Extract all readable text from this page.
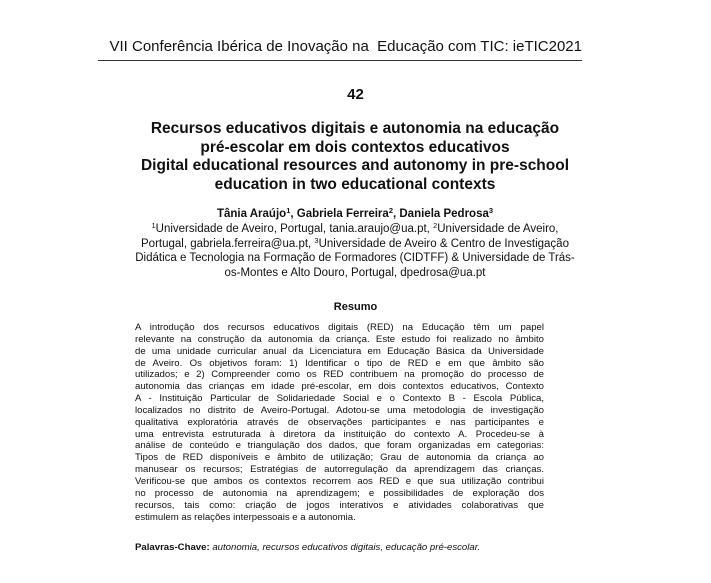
VII Conferência Ibérica de Inovação na  Educação com TIC: ieTIC2021
42
Recursos educativos digitais e autonomia na educação
pré-escolar em dois contextos educativos
Digital educational resources and autonomy in pre-school
education in two educational contexts
Tânia Araújo$^1$, Gabriela Ferreira$^2$, Daniela Pedrosa$^3$
$^1$Universidade de Aveiro, Portugal, tania.araujo@ua.pt, $^2$Universidade de Aveiro,
Portugal, gabriela.ferreira@ua.pt, $^3$Universidade de Aveiro & Centro de Investigação
Didática e Tecnologia na Formação de Formadores (CIDTFF) & Universidade de Trás-
os-Montes e Alto Douro, Portugal, dpedrosa@ua.pt
Resumo
A introdução dos recursos educativos digitais (RED) na Educação têm um papel
relevante na construção da autonomia da criança. Este estudo foi realizado no âmbito
de uma unidade curricular anual da Licenciatura em Educação Básica da Universidade
de Aveiro. Os objetivos foram: 1) Identificar o tipo de RED e em que âmbito são
utilizados; e 2) Compreender como os RED contribuem na promoção do processo de
autonomia das crianças em idade pré-escolar, em dois contextos educativos, Contexto
A - Instituição Particular de Solidariedade Social e o Contexto B - Escola Pública,
localizados no distrito de Aveiro-Portugal. Adotou-se uma metodologia de investigação
qualitativa exploratória através de observações participantes e nas participantes e
uma entrevista estruturada à diretora da instituição do contexto A. Procedeu-se à
análise de conteúdo e triangulação dos dados, que foram organizadas em categorias:
Tipos de RED disponíveis e âmbito de utilização; Grau de autonomia da criança ao
manusear os recursos; Estratégias de autorregulação da aprendizagem das crianças.
Verificou-se que ambos os contextos recorrem aos RED e que sua utilização contribui
no processo de autonomia na aprendizagem; e possibilidades de exploração dos
recursos, tais como: criação de jogos interativos e atividades colaborativas que
estimulem as relações interpessoais e a autonomia.
Palavras-Chave: autonomia, recursos educativos digitais, educação pré-escolar.
